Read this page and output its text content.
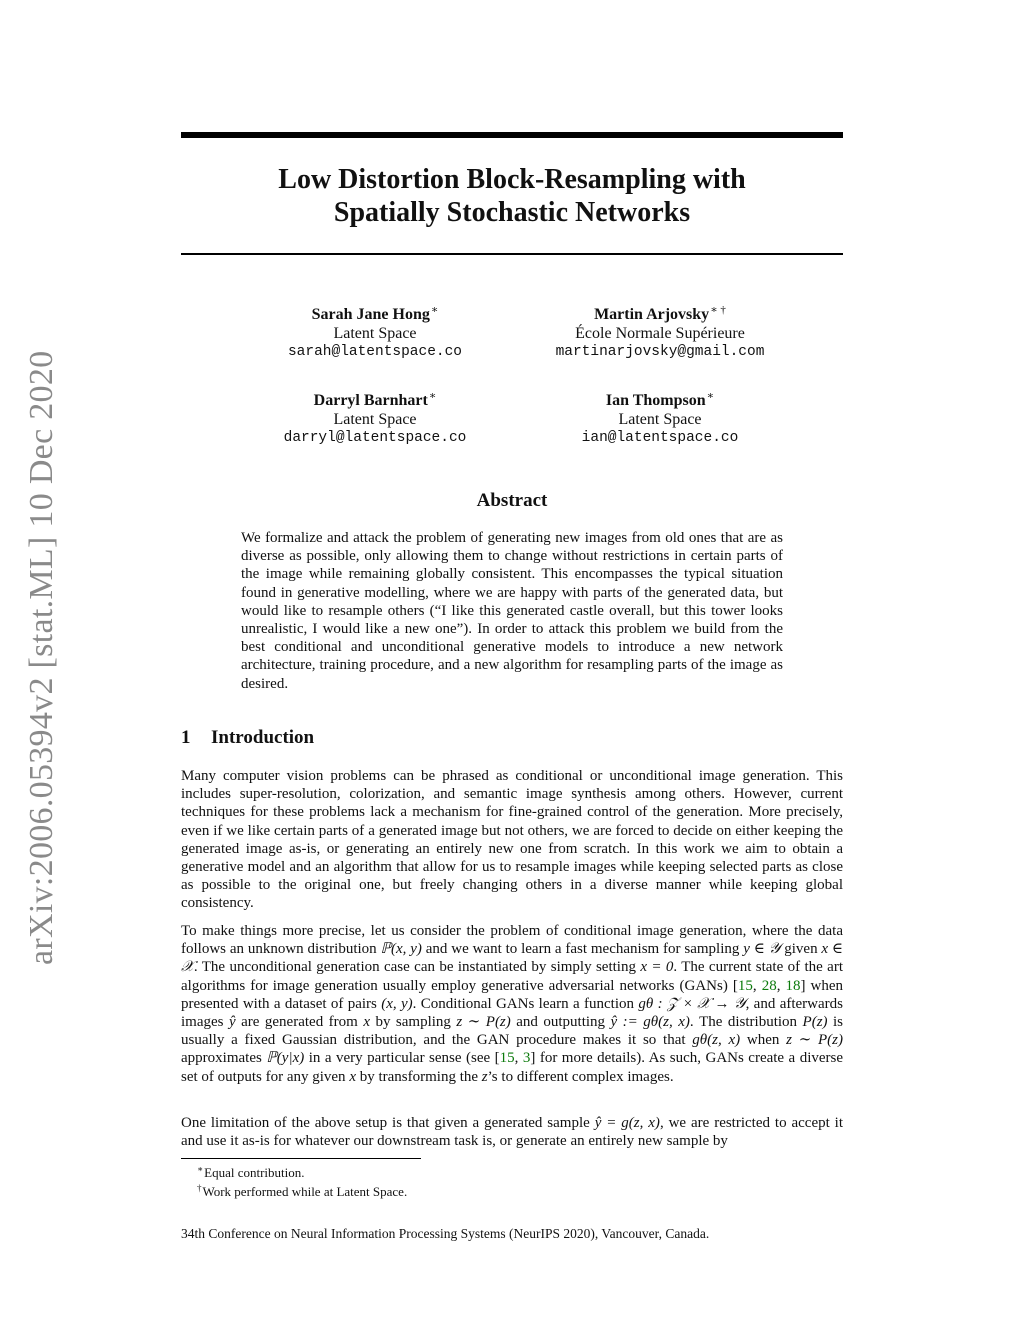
arXiv:2006.05394v2 [stat.ML] 10 Dec 2020
Low Distortion Block-Resampling with
Spatially Stochastic Networks
Sarah Jane Hong∗
Latent Space
sarah@latentspace.co
Martin Arjovsky∗ †
École Normale Supérieure
martinarjovsky@gmail.com
Darryl Barnhart∗
Latent Space
darryl@latentspace.co
Ian Thompson∗
Latent Space
ian@latentspace.co
Abstract
We formalize and attack the problem of generating new images from old ones that are as diverse as possible, only allowing them to change without restrictions in certain parts of the image while remaining globally consistent. This encompasses the typical situation found in generative modelling, where we are happy with parts of the generated data, but would like to resample others (“I like this generated castle overall, but this tower looks unrealistic, I would like a new one”). In order to attack this problem we build from the best conditional and unconditional generative models to introduce a new network architecture, training procedure, and a new algorithm for resampling parts of the image as desired.
1 Introduction
Many computer vision problems can be phrased as conditional or unconditional image generation. This includes super-resolution, colorization, and semantic image synthesis among others. However, current techniques for these problems lack a mechanism for fine-grained control of the generation. More precisely, even if we like certain parts of a generated image but not others, we are forced to decide on either keeping the generated image as-is, or generating an entirely new one from scratch. In this work we aim to obtain a generative model and an algorithm that allow for us to resample images while keeping selected parts as close as possible to the original one, but freely changing others in a diverse manner while keeping global consistency.
To make things more precise, let us consider the problem of conditional image generation, where the data follows an unknown distribution ℙ(x, y) and we want to learn a fast mechanism for sampling y ∈ 𝒴 given x ∈ 𝒳. The unconditional generation case can be instantiated by simply setting x = 0. The current state of the art algorithms for image generation usually employ generative adversarial networks (GANs) [15, 28, 18] when presented with a dataset of pairs (x, y). Conditional GANs learn a function gθ : 𝒵 × 𝒳 → 𝒴, and afterwards images ŷ are generated from x by sampling z ∼ P(z) and outputting ŷ := gθ(z, x). The distribution P(z) is usually a fixed Gaussian distribution, and the GAN procedure makes it so that gθ(z, x) when z ∼ P(z) approximates ℙ(y|x) in a very particular sense (see [15, 3] for more details). As such, GANs create a diverse set of outputs for any given x by transforming the z’s to different complex images.
One limitation of the above setup is that given a generated sample ŷ = g(z, x), we are restricted to accept it and use it as-is for whatever our downstream task is, or generate an entirely new sample by
∗Equal contribution.
†Work performed while at Latent Space.
34th Conference on Neural Information Processing Systems (NeurIPS 2020), Vancouver, Canada.
